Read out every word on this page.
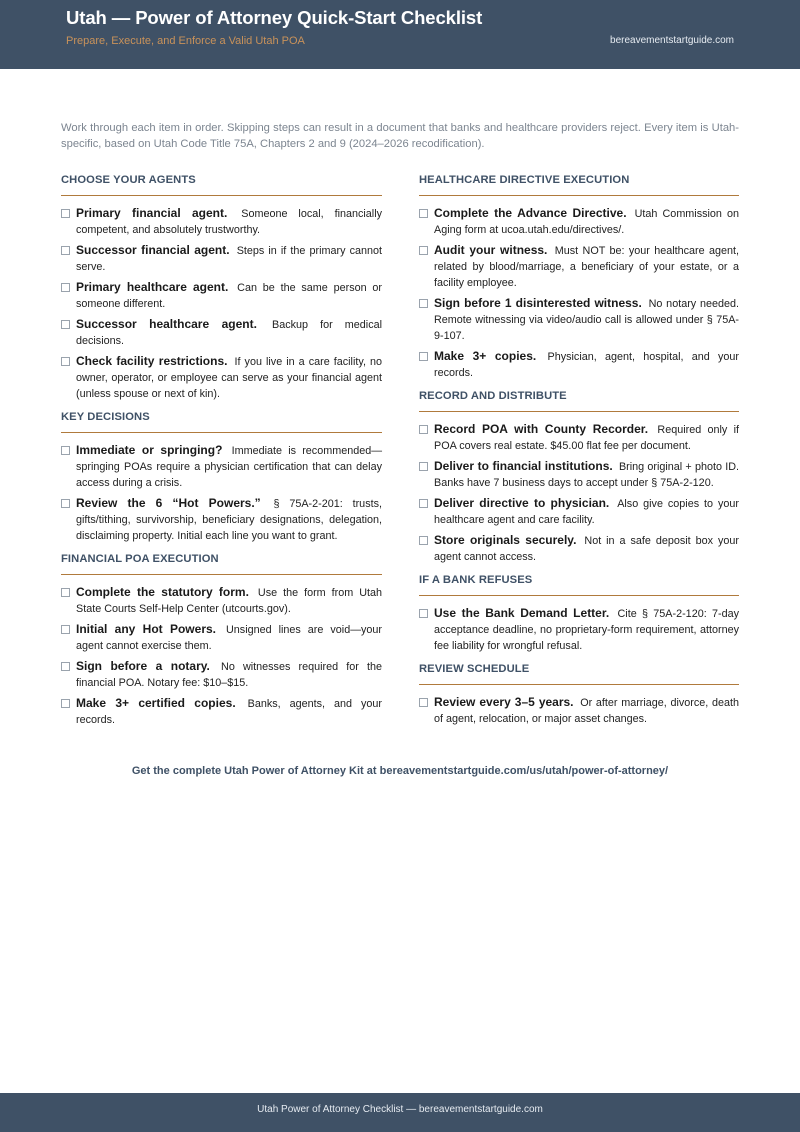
Utah — Power of Attorney Quick-Start Checklist
Prepare, Execute, and Enforce a Valid Utah POA	bereavementstartguide.com
Work through each item in order. Skipping steps can result in a document that banks and healthcare providers reject. Every item is Utah-specific, based on Utah Code Title 75A, Chapters 2 and 9 (2024–2026 recodification).
CHOOSE YOUR AGENTS
Primary financial agent. Someone local, financially competent, and absolutely trustworthy.
Successor financial agent. Steps in if the primary cannot serve.
Primary healthcare agent. Can be the same person or someone different.
Successor healthcare agent. Backup for medical decisions.
Check facility restrictions. If you live in a care facility, no owner, operator, or employee can serve as your financial agent (unless spouse or next of kin).
KEY DECISIONS
Immediate or springing? Immediate is recommended—springing POAs require a physician certification that can delay access during a crisis.
Review the 6 “Hot Powers.” § 75A-2-201: trusts, gifts/tithing, survivorship, beneficiary designations, delegation, disclaiming property. Initial each line you want to grant.
FINANCIAL POA EXECUTION
Complete the statutory form. Use the form from Utah State Courts Self-Help Center (utcourts.gov).
Initial any Hot Powers. Unsigned lines are void—your agent cannot exercise them.
Sign before a notary. No witnesses required for the financial POA. Notary fee: $10–$15.
Make 3+ certified copies. Banks, agents, and your records.
HEALTHCARE DIRECTIVE EXECUTION
Complete the Advance Directive. Utah Commission on Aging form at ucoa.utah.edu/directives/.
Audit your witness. Must NOT be: your healthcare agent, related by blood/marriage, a beneficiary of your estate, or a facility employee.
Sign before 1 disinterested witness. No notary needed. Remote witnessing via video/audio call is allowed under § 75A-9-107.
Make 3+ copies. Physician, agent, hospital, and your records.
RECORD AND DISTRIBUTE
Record POA with County Recorder. Required only if POA covers real estate. $45.00 flat fee per document.
Deliver to financial institutions. Bring original + photo ID. Banks have 7 business days to accept under § 75A-2-120.
Deliver directive to physician. Also give copies to your healthcare agent and care facility.
Store originals securely. Not in a safe deposit box your agent cannot access.
IF A BANK REFUSES
Use the Bank Demand Letter. Cite § 75A-2-120: 7-day acceptance deadline, no proprietary-form requirement, attorney fee liability for wrongful refusal.
REVIEW SCHEDULE
Review every 3–5 years. Or after marriage, divorce, death of agent, relocation, or major asset changes.
Get the complete Utah Power of Attorney Kit at bereavementstartguide.com/us/utah/power-of-attorney/
Utah Power of Attorney Checklist — bereavementstartguide.com
